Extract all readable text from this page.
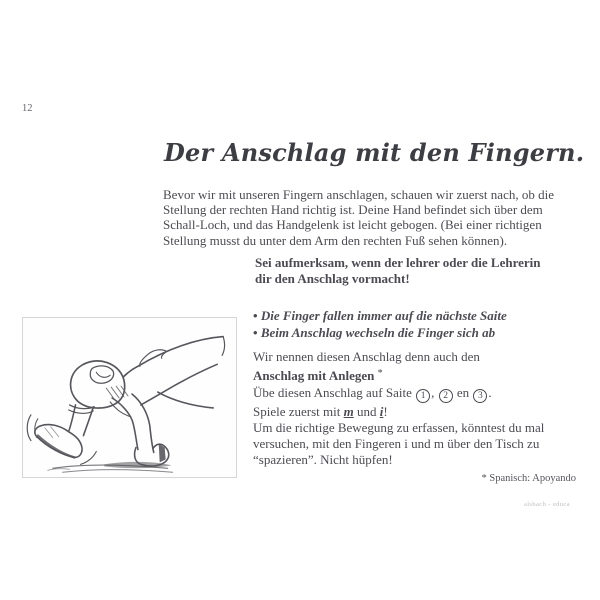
12
Der Anschlag mit den Fingern.
Bevor wir mit unseren Fingern anschlagen, schauen wir zuerst nach, ob die
Stellung der rechten Hand richtig ist. Deine Hand befindet sich über dem
Schall-Loch, und das Handgelenk ist leicht gebogen. (Bei einer richtigen
Stellung musst du unter dem Arm den rechten Fuß sehen können).
Sei aufmerksam, wenn der lehrer oder die Lehrerin
dir den Anschlag vormacht!
• Die Finger fallen immer auf die nächste Saite
• Beim Anschlag wechseln die Finger sich ab
Wir nennen diesen Anschlag denn auch den
Anschlag mit Anlegen *
Übe diesen Anschlag auf Saite 1 , 2 en 3 .
Spiele zuerst mit m und i!
Um die richtige Bewegung zu erfassen, könntest du mal
versuchen, mit den Fingeren i und m über den Tisch zu
“spazieren”. Nicht hüpfen!
* Spanisch: Apoyando
alsbach - educa
